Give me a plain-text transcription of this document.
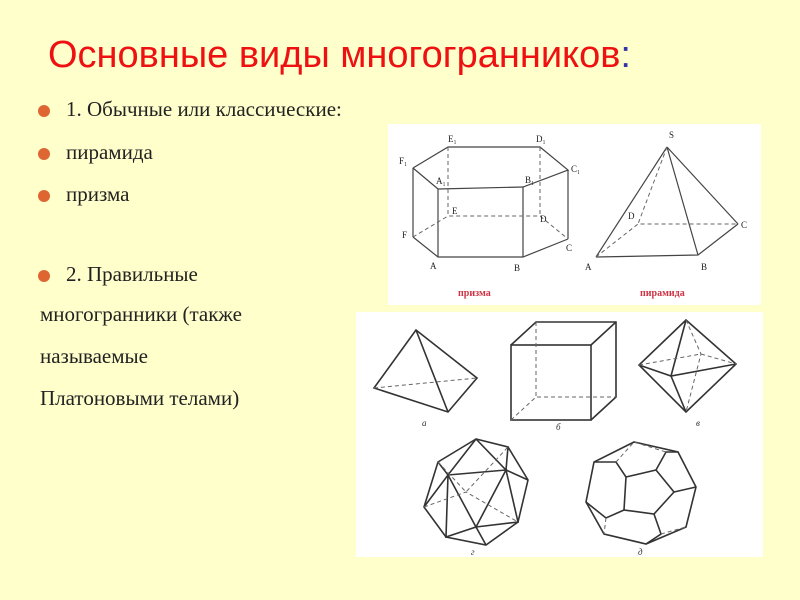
Основные виды многогранников:
1. Обычные или классические:
пирамида
призма
2. Правильные
многогранники (также
называемые
Платоновыми телами)
F₁
E₁	D₁
A₁	B₁
C₁
E
D
F
A	B
C
призма
S
D
C
A	B
пирамида
а	б	в
г	д
